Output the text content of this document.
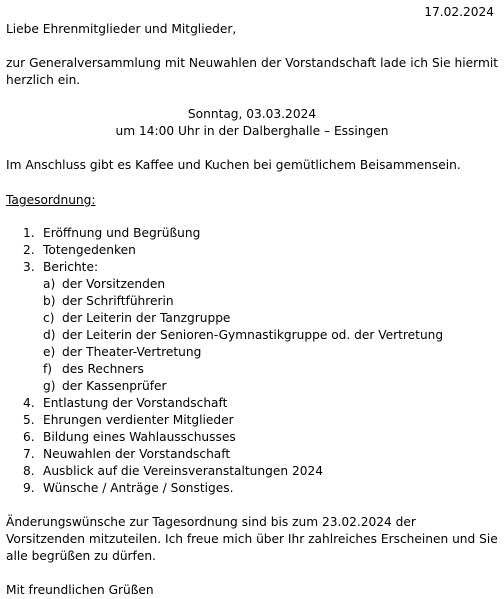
17.02.2024
Liebe Ehrenmitglieder und Mitglieder,
zur Generalversammlung mit Neuwahlen der Vorstandschaft lade ich Sie hiermit herzlich ein.
Sonntag, 03.03.2024
um 14:00 Uhr in der Dalberghalle – Essingen
Im Anschluss gibt es Kaffee und Kuchen bei gemütlichem Beisammensein.
Tagesordnung:
1. Eröffnung und Begrüßung
2. Totengedenken
3. Berichte:
a) der Vorsitzenden
b) der Schriftführerin
c) der Leiterin der Tanzgruppe
d) der Leiterin der Senioren-Gymnastikgruppe od. der Vertretung
e) der Theater-Vertretung
f) des Rechners
g) der Kassenprüfer
4. Entlastung der Vorstandschaft
5. Ehrungen verdienter Mitglieder
6. Bildung eines Wahlausschusses
7. Neuwahlen der Vorstandschaft
8. Ausblick auf die Vereinsveranstaltungen 2024
9. Wünsche / Anträge / Sonstiges.
Änderungswünsche zur Tagesordnung sind bis zum 23.02.2024 der Vorsitzenden mitzuteilen. Ich freue mich über Ihr zahlreiches Erscheinen und Sie alle begrüßen zu dürfen.
Mit freundlichen Grüßen
